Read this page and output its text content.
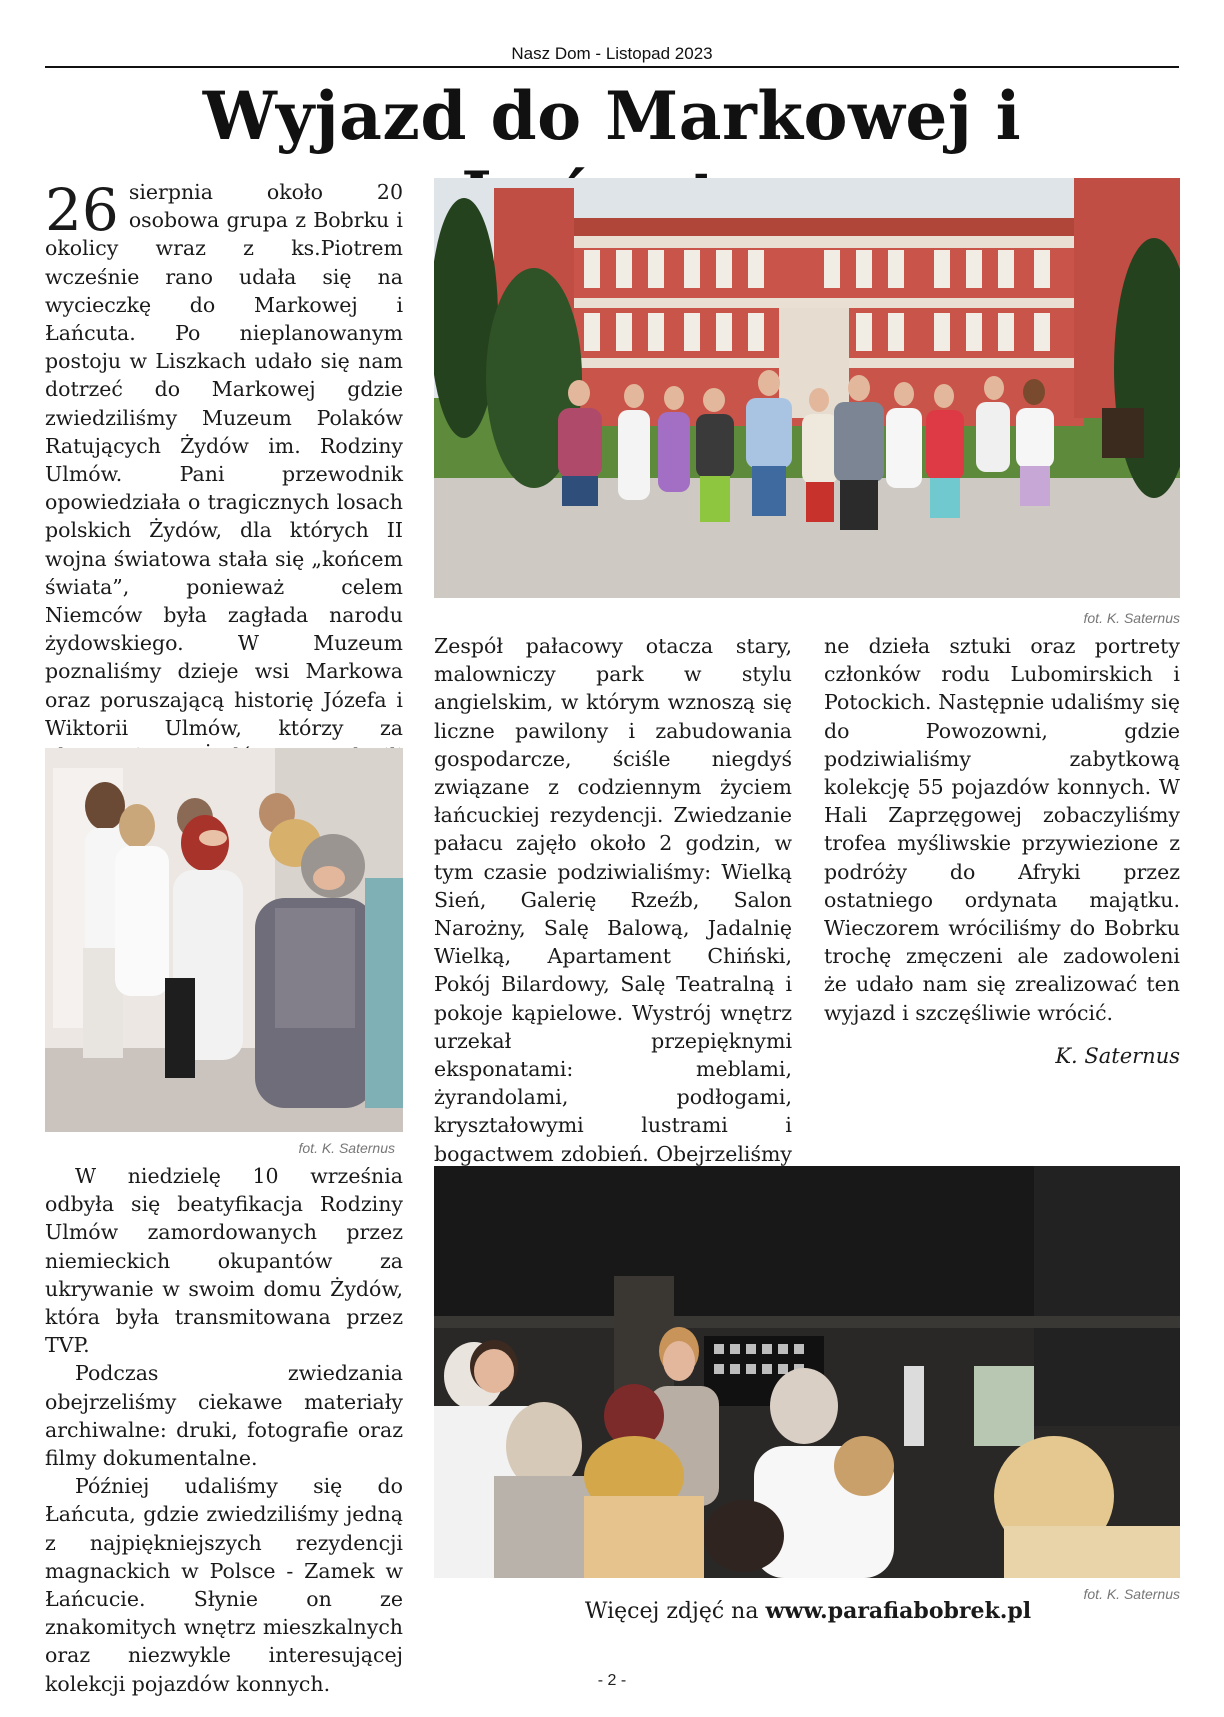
Nasz Dom - Listopad 2023
Wyjazd do Markowej i

26 sierpnia około 20 osobowa grupa z Bobrku i okolicy wraz z ks.Piotrem wcześnie rano udała się na wycieczkę do Markowej i Łańcuta. Po nieplanowanym postoju w Liszkach udało się nam dotrzeć do Markowej gdzie zwiedziliśmy Muzeum Polaków Ratujących Żydów im. Rodziny Ulmów. Pani przewodnik opowiedziała o tragicznych losach polskich Żydów, dla których II wojna światowa stała się „końcem świata”, ponieważ celem Niemców była zagłada narodu żydowskiego. W Muzeum poznaliśmy dzieje wsi Markowa oraz poruszającą historię Józefa i Wiktorii Ulmów, którzy za

fot. K. Saternus

W niedzielę 10 września odbyła się beatyfikacja Rodziny Ulmów zamordowanych przez niemieckich okupantów za ukrywanie w swoim domu Żydów, która była transmitowana przez TVP.

Podczas zwiedzania obejrzeliśmy ciekawe materiały archiwalne: druki, fotografie oraz filmy dokumentalne.

Później udaliśmy się do Łańcuta, gdzie zwiedziliśmy jedną z najpiękniejszych rezydencji magnackich w Polsce - Zamek w Łańcucie. Słynie on ze znakomitych wnętrz mieszkalnych oraz niezwykle interesującej kolekcji pojazdów konnych.

fot. K. Saternus

Zespół pałacowy otacza stary, malowniczy park w stylu angielskim, w którym wznoszą się liczne pawilony i zabudowania gospodarcze, ściśle niegdyś związane z codziennym życiem łańcuckiej rezydencji. Zwiedzanie pałacu zajęło około 2 godzin, w tym czasie podziwialiśmy: Wielką Sień, Galerię Rzeźb, Salon Narożny, Salę Balową, Jadalnię Wielką, Apartament Chiński, Pokój Bilardowy, Salę Teatralną i pokoje kąpielowe. Wystrój wnętrz urzekał przepięknymi eksponatami: meblami, żyrandolami, podłogami, kryształowymi lustrami i bogactwem zdobień. Obejrzeliśmy

ne dzieła sztuki oraz portrety członków rodu Lubomirskich i Potockich. Następnie udaliśmy się do Powozowni, gdzie podziwialiśmy zabytkową kolekcję 55 pojazdów konnych. W Hali Zaprzęgowej zobaczyliśmy trofea myśliwskie przywiezione z podróży do Afryki przez ostatniego ordynata majątku. Wieczorem wróciliśmy do Bobrku trochę zmęczeni ale zadowoleni że udało nam się zrealizować ten wyjazd i szczęśliwie wrócić.

K. Saternus
fot. K. Saternus
Więcej zdjęć na www.parafiabobrek.pl
- 2 -
